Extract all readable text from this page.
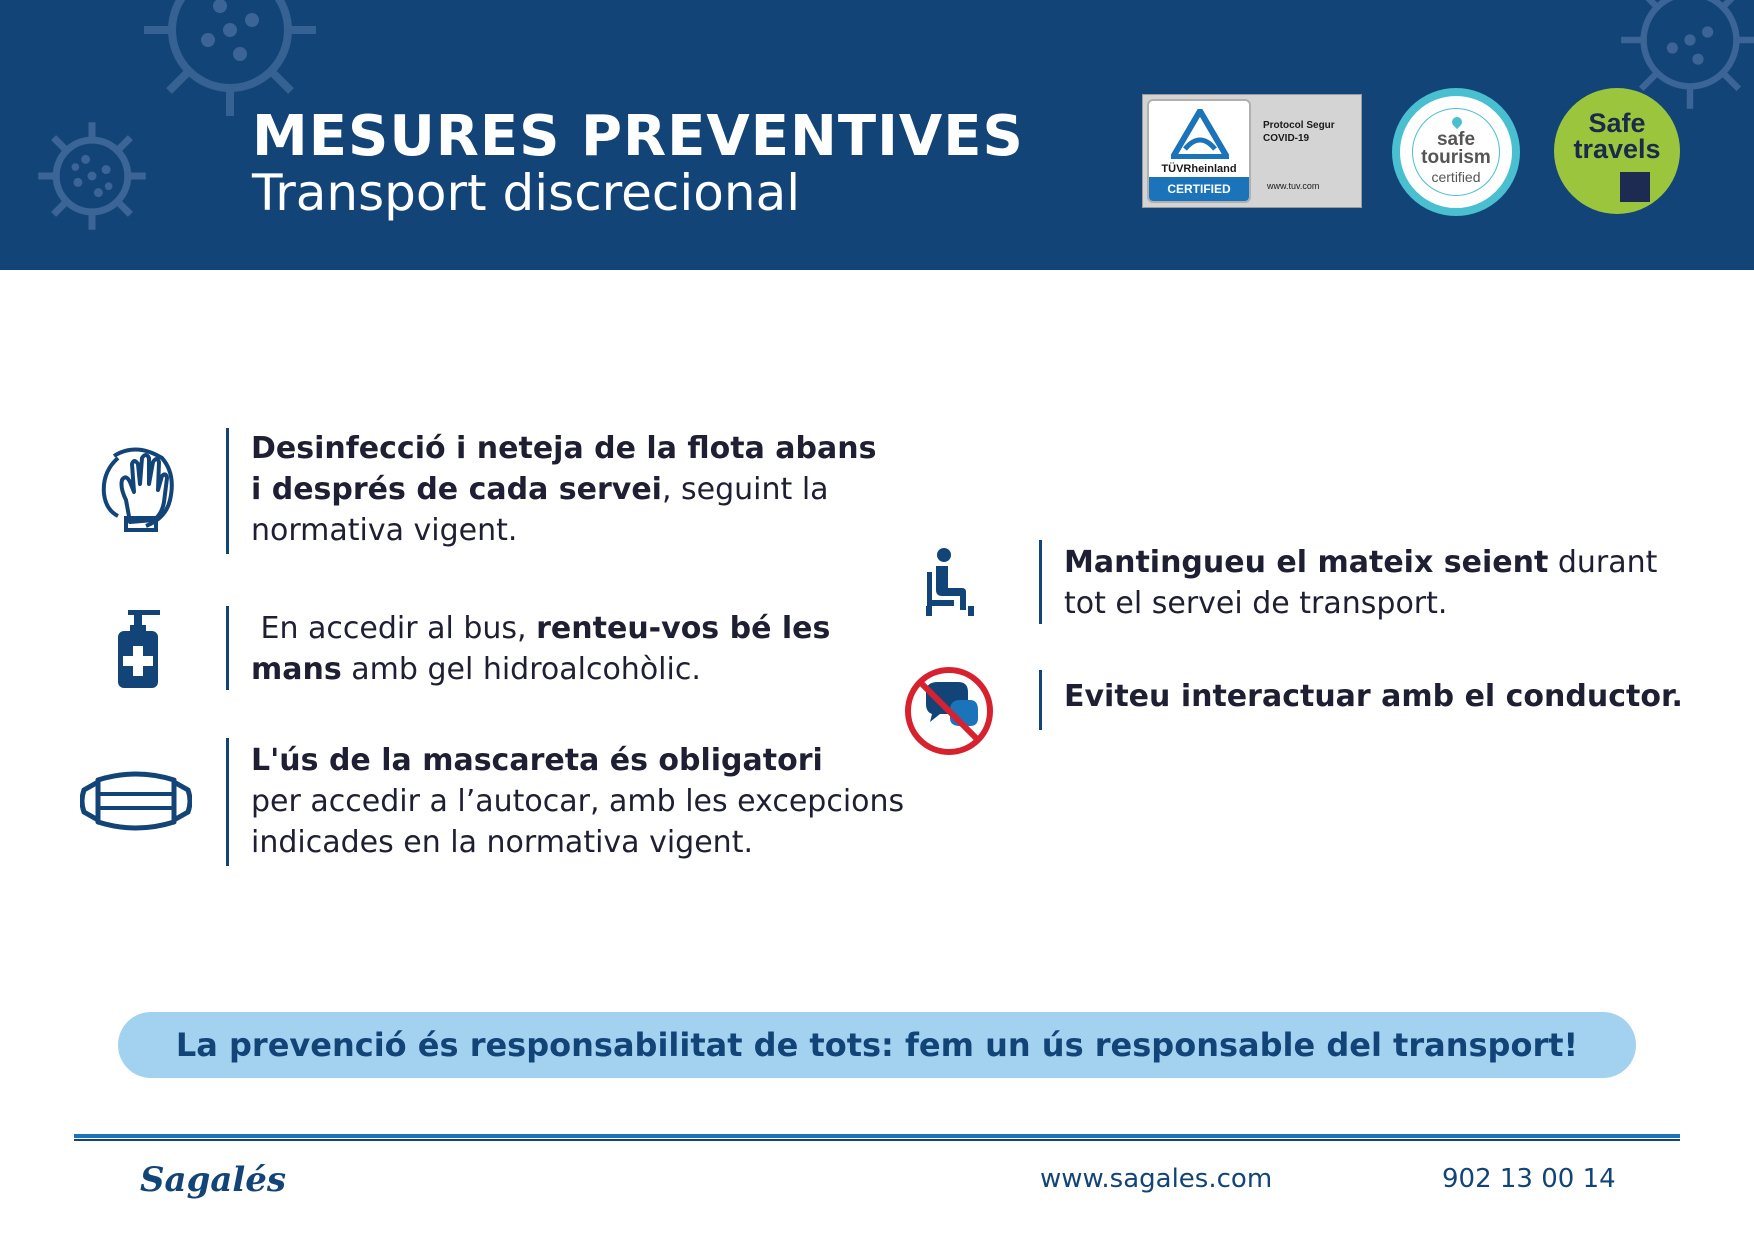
MESURES PREVENTIVES
Transport discrecional	TÜVRheinland
CERTIFIED
Protocol Segur
COVID-19
www.tuv.com
safe
tourism
certified
Safe
travels

Desinfecció i neteja de la flota abans
i després de cada servei, seguint la
normativa vigent.

En accedir al bus, renteu-vos bé les
mans amb gel hidroalcohòlic.

L'ús de la mascareta és obligatori
per accedir a l’autocar, amb les excepcions
indicades en la normativa vigent.

Mantingueu el mateix seient durant
tot el servei de transport.

Eviteu interactuar amb el conductor.

La prevenció és responsabilitat de tots: fem un ús responsable del transport!
Sagalés	www.sagales.com	902 13 00 14
